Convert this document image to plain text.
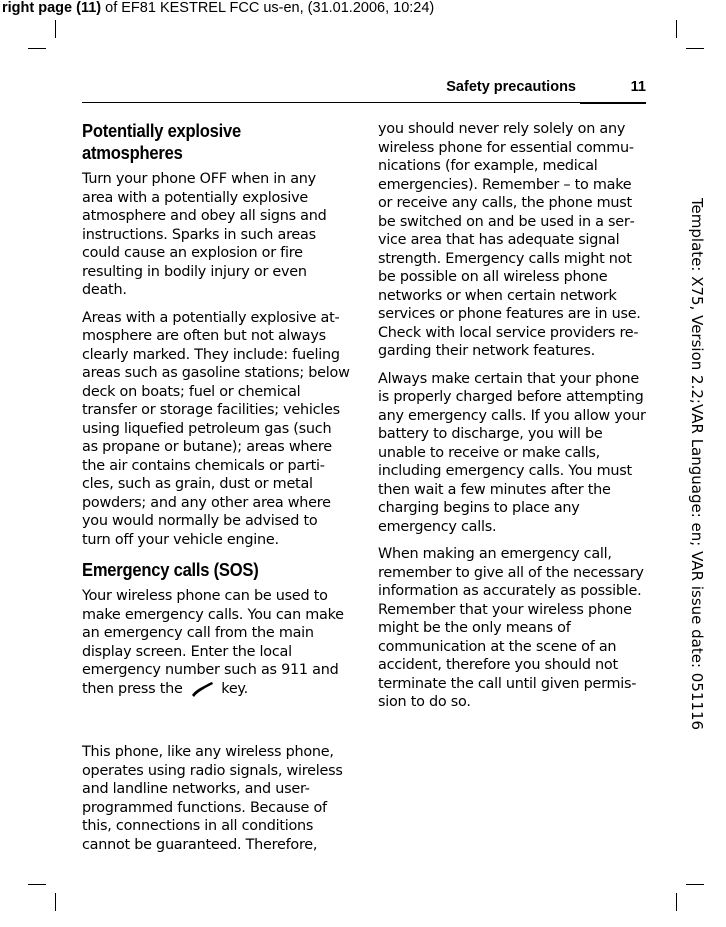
right page (11) of EF81 KESTREL FCC us-en, (31.01.2006, 10:24)
Template: X75, Version 2.2;VAR Language: en; VAR issue date: 051116
Safety precautions	11
Potentially explosive atmospheres

Turn your phone OFF when in any area with a potentially explosive atmosphere and obey all signs and instructions. Sparks in such areas could cause an explosion or fire resulting in bodily injury or even death.

Areas with a potentially explosive atmosphere are often but not always clearly marked. They include: fueling areas such as gasoline stations; below deck on boats; fuel or chemical transfer or storage facilities; vehicles using liquefied petroleum gas (such as propane or butane); areas where the air contains chemicals or particles, such as grain, dust or metal powders; and any other area where you would normally be advised to turn off your vehicle engine.

Emergency calls (SOS)

Your wireless phone can be used to make emergency calls. You can make an emergency call from the main display screen. Enter the local emergency number such as 911 and then press the	key.

This phone, like any wireless phone, operates using radio signals, wireless and landline networks, and user-programmed functions. Because of this, connections in all conditions cannot be guaranteed. Therefore,

you should never rely solely on any wireless phone for essential communications (for example, medical emergencies). Remember – to make or receive any calls, the phone must be switched on and be used in a service area that has adequate signal strength. Emergency calls might not be possible on all wireless phone networks or when certain network services or phone features are in use. Check with local service providers regarding their network features.

Always make certain that your phone is properly charged before attempting any emergency calls. If you allow your battery to discharge, you will be unable to receive or make calls, including emergency calls. You must then wait a few minutes after the charging begins to place any emergency calls.

When making an emergency call, remember to give all of the necessary information as accurately as possible. Remember that your wireless phone might be the only means of communication at the scene of an accident, therefore you should not terminate the call until given permission to do so.
